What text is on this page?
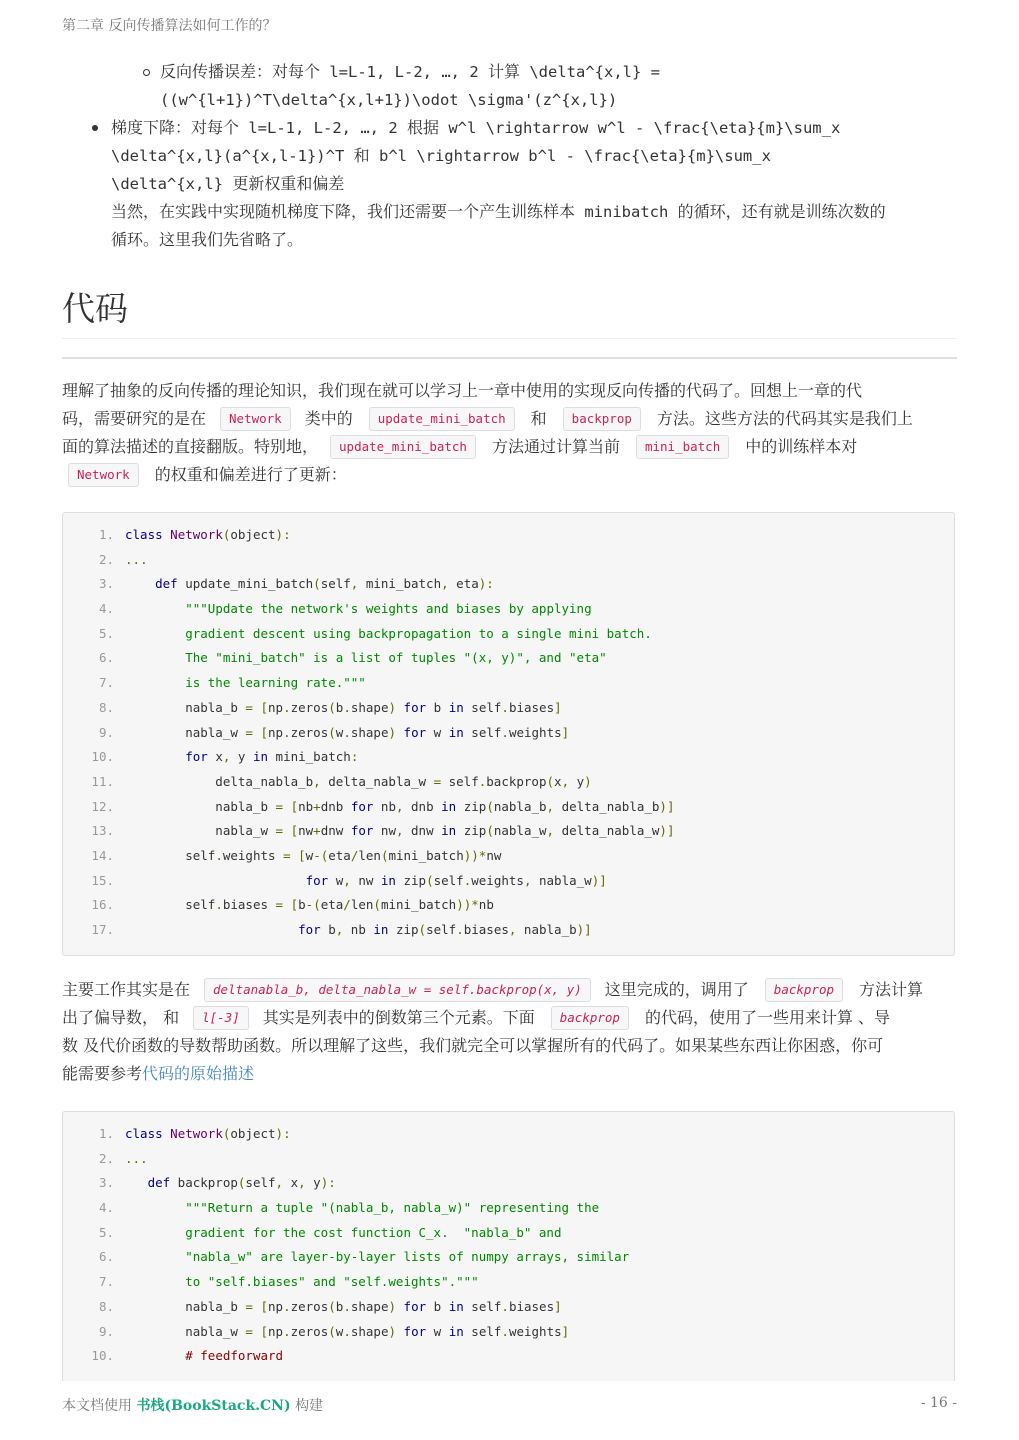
第二章 反向传播算法如何工作的？
反向传播误差：对每个 l=L-1, L-2, …, 2 计算 \delta^{x,l} =
((w^{l+1})^T\delta^{x,l+1})\odot \sigma'(z^{x,l})
梯度下降：对每个 l=L-1, L-2, …, 2 根据 w^l \rightarrow w^l - \frac{\eta}{m}\sum_x
\delta^{x,l}(a^{x,l-1})^T 和 b^l \rightarrow b^l - \frac{\eta}{m}\sum_x
\delta^{x,l} 更新权重和偏差
当然，在实践中实现随机梯度下降，我们还需要一个产生训练样本 minibatch 的循环，还有就是训练次数的
循环。这里我们先省略了。
代码
理解了抽象的反向传播的理论知识，我们现在就可以学习上一章中使用的实现反向传播的代码了。回想上一章的代
码，需要研究的是在 Network 类中的 update_mini_batch 和 backprop 方法。这些方法的代码其实是我们上
面的算法描述的直接翻版。特别地， update_mini_batch 方法通过计算当前 mini_batch 中的训练样本对
Network 的权重和偏差进行了更新：
1. class Network(object):
2. ...
3.	def update_mini_batch(self, mini_batch, eta):
4.	"""Update the network's weights and biases by applying
5. gradient descent using backpropagation to a single mini batch.
6. The "mini_batch" is a list of tuples "(x, y)", and "eta"
7. is the learning rate."""
8. nabla_b = [np.zeros(b.shape) for b in self.biases]
9. nabla_w = [np.zeros(w.shape) for w in self.weights]
10.	for x, y in mini_batch:
11. delta_nabla_b, delta_nabla_w = self.backprop(x, y)
12. nabla_b = [nb+dnb for nb, dnb in zip(nabla_b, delta_nabla_b)]
13. nabla_w = [nw+dnw for nw, dnw in zip(nabla_w, delta_nabla_w)]
14. self.weights = [w-(eta/len(mini_batch))*nw
15.	for w, nw in zip(self.weights, nabla_w)]
16. self.biases = [b-(eta/len(mini_batch))*nb
17.	for b, nb in zip(self.biases, nabla_b)]
主要工作其实是在 deltanabla_b, delta_nabla_w = self.backprop(x, y) 这里完成的，调用了 backprop 方法计算
出了偏导数， 和 l[-3] 其实是列表中的倒数第三个元素。下面 backprop 的代码，使用了一些用来计算 、导
数 及代价函数的导数帮助函数。所以理解了这些，我们就完全可以掌握所有的代码了。如果某些东西让你困惑，你可
能需要参考代码的原始描述
1. class Network(object):
2. ...
3.	def backprop(self, x, y):
4.	"""Return a tuple "(nabla_b, nabla_w)" representing the
5. gradient for the cost function C_x.  "nabla_b" and
6. "nabla_w" are layer-by-layer lists of numpy arrays, similar
7. to "self.biases" and "self.weights"."""
8. nabla_b = [np.zeros(b.shape) for b in self.biases]
9. nabla_w = [np.zeros(w.shape) for w in self.weights]
10.	# feedforward
本文档使用 书栈(BookStack.CN) 构建	- 16 -
